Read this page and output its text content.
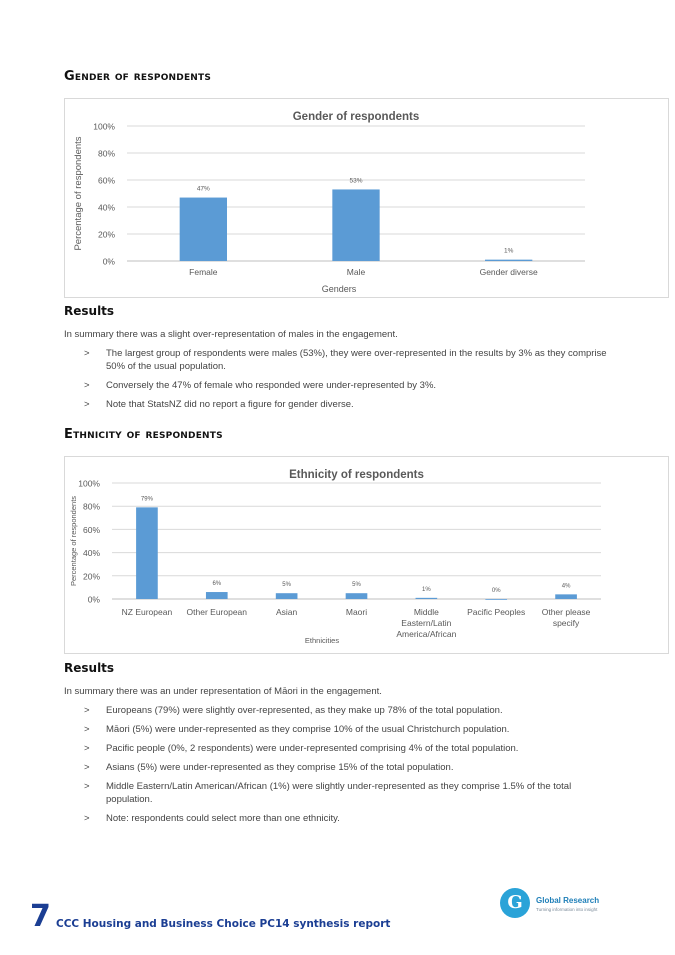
Gender of respondents
Gender of respondents
0%
20%
40%
60%
80%
100%
Percentage of respondents	47%
Female
53%
Male
1%
Gender diverse
Genders
Results
In summary there was a slight over-representation of males in the engagement.
> The largest group of respondents were males (53%), they were over-represented in the results by 3% as they comprise 50% of the usual population.
> Conversely the 47% of female who responded were under-represented by 3%.
> Note that StatsNZ did no report a figure for gender diverse.
Ethnicity of respondents
Ethnicity of respondents
0%
20%
40%
60%
80%
100%
Percentage of respondents	79%
NZ European
6%
Other European
5%
Asian
5%
Maori
1%
Middle
Eastern/Latin
America/African
0%
Pacific Peoples
4%
Other please
specify
Ethnicities
Results
In summary there was an under representation of Māori in the engagement.
> Europeans (79%) were slightly over-represented, as they make up 78% of the total population.
> Māori (5%) were under-represented as they comprise 10% of the usual Christchurch population.
> Pacific people (0%, 2 respondents) were under-represented comprising 4% of the total population.
> Asians (5%) were under-represented as they comprise 15% of the total population.
> Middle Eastern/Latin American/African (1%) were slightly under-represented as they comprise 1.5% of the total population.
> Note: respondents could select more than one ethnicity.
7 CCC Housing and Business Choice PC14 synthesis report
G	Global Research
Turning information into insight
